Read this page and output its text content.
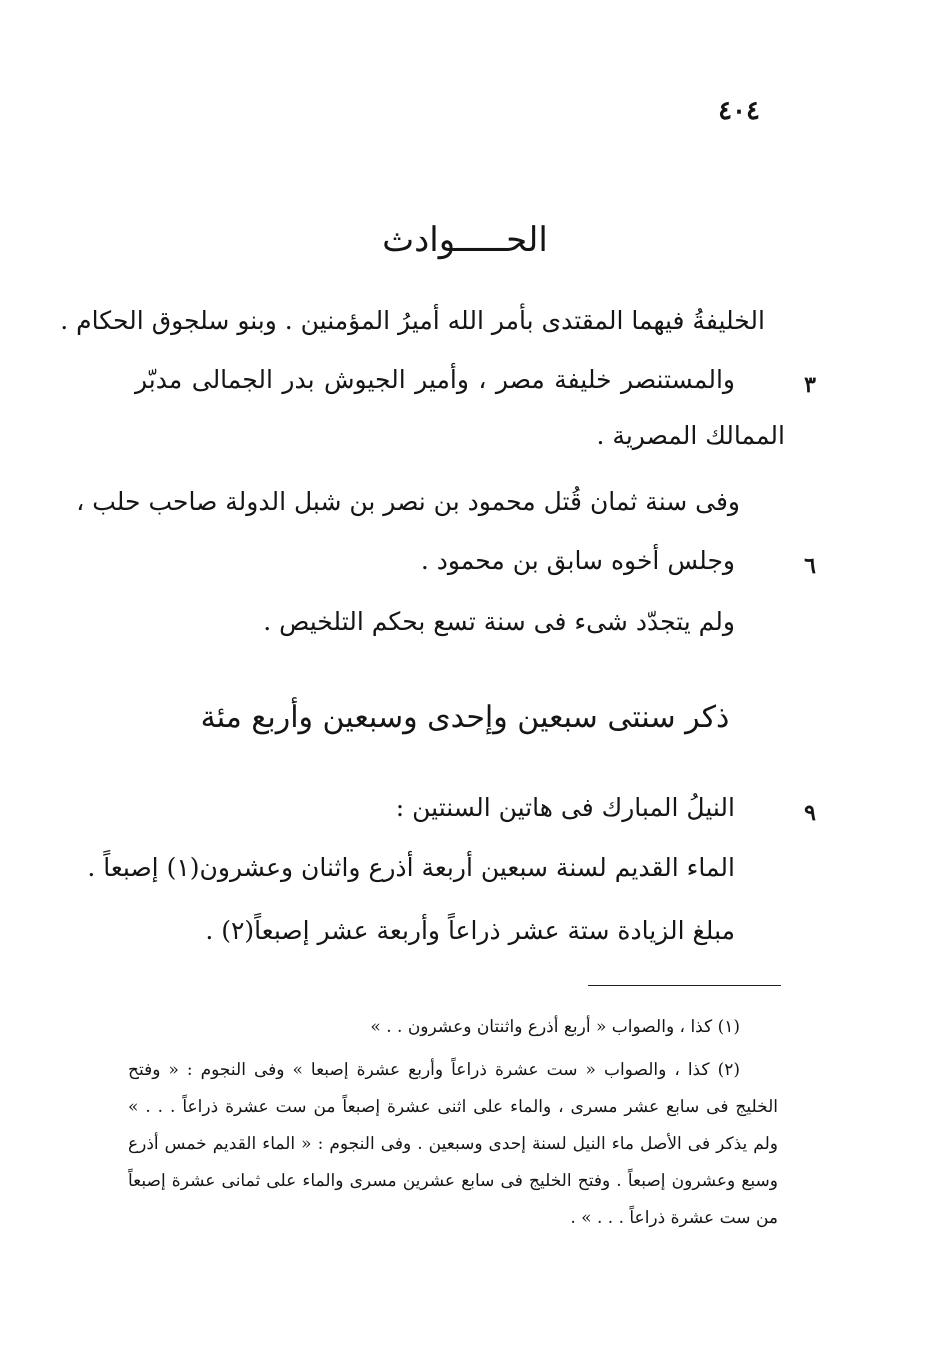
٤٠٤
الحـــــوادث
الخليفةُ فيهما المقتدى بأمر الله أميرُ المؤمنين . وبنو سلجوق الحكام .
٣
والمستنصر خليفة مصر ، وأمير الجيوش بدر الجمالى مدبّر
الممالك المصرية .
وفى سنة ثمان قُتل محمود بن نصر بن شبل الدولة صاحب حلب ،
٦
وجلس أخوه سابق بن محمود .
ولم يتجدّد شىء فى سنة تسع بحكم التلخيص .
ذكر سنتى سبعين وإحدى وسبعين وأربع مئة
٩
النيلُ المبارك فى هاتين السنتين :
الماء القديم لسنة سبعين أربعة أذرع واثنان وعشرون(١) إصبعاً .
مبلغ الزيادة ستة عشر ذراعاً وأربعة عشر إصبعاً(٢) .
(١) كذا ، والصواب « أربع أذرع واثنتان وعشرون . . »
(٢) كذا ، والصواب « ست عشرة ذراعاً وأربع عشرة إصبعا » وفى النجوم : « وفتح
الخليج فى سابع عشر مسرى ، والماء على اثنى عشرة إصبعاً من ست عشرة ذراعاً . . . »
ولم يذكر فى الأصل ماء النيل لسنة إحدى وسبعين . وفى النجوم : « الماء القديم خمس أذرع
وسبع وعشرون إصبعاً . وفتح الخليج فى سابع عشرين مسرى والماء على ثمانى عشرة إصبعاً
من ست عشرة ذراعاً . . . » .
